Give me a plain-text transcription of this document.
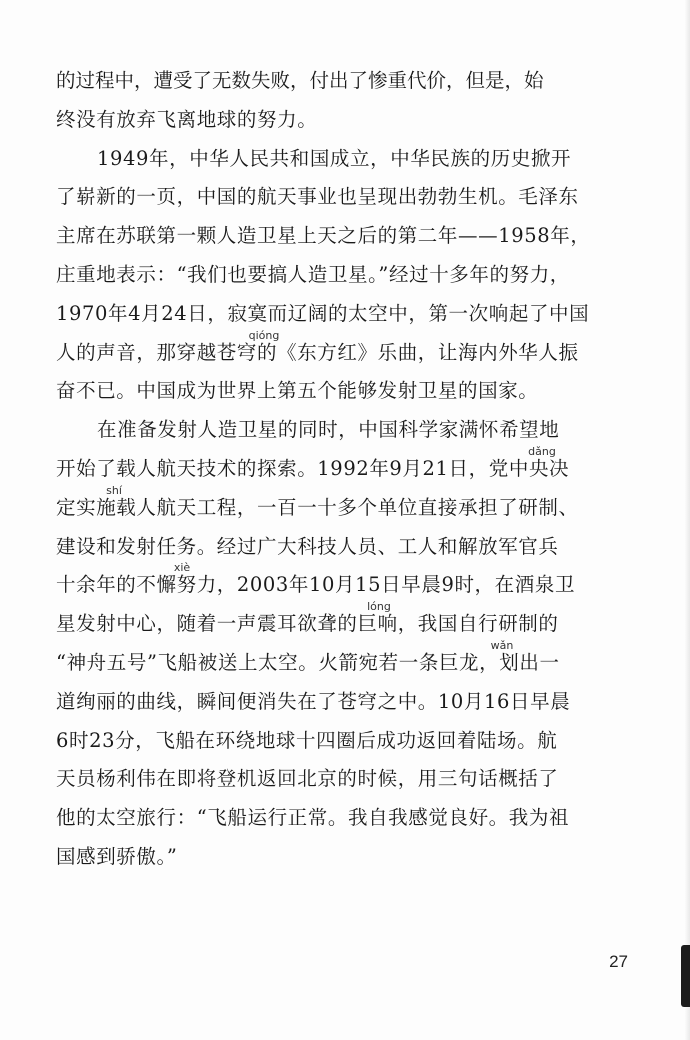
的过程中，遭受了无数失败，付出了惨重代价，但是，始
终没有放弃飞离地球的努力。
1949年，中华人民共和国成立，中华民族的历史掀开
了崭新的一页，中国的航天事业也呈现出勃勃生机。毛泽东
主席在苏联第一颗人造卫星上天之后的第二年——1958年，
庄重地表示：“我们也要搞人造卫星。”经过十多年的努力，
1970年4月24日，寂寞而辽阔的太空中，第一次响起了中国
人的声音，那穿越苍穹的《东方红》乐曲，让海内外华人振
qióng
奋不已。中国成为世界上第五个能够发射卫星的国家。
在准备发射人造卫星的同时，中国科学家满怀希望地
开始了载人航天技术的探索。1992年9月21日，党中央决
dǎng
定实施载人航天工程，一百一十多个单位直接承担了研制、
shí
建设和发射任务。经过广大科技人员、工人和解放军官兵
十余年的不懈努力，2003年10月15日早晨9时，在酒泉卫
xiè
星发射中心，随着一声震耳欲聋的巨响，我国自行研制的
lóng
“神舟五号”飞船被送上太空。火箭宛若一条巨龙，划出一
wǎn
道绚丽的曲线，瞬间便消失在了苍穹之中。10月16日早晨
6时23分，飞船在环绕地球十四圈后成功返回着陆场。航
天员杨利伟在即将登机返回北京的时候，用三句话概括了
他的太空旅行：“飞船运行正常。我自我感觉良好。我为祖
国感到骄傲。”
27
